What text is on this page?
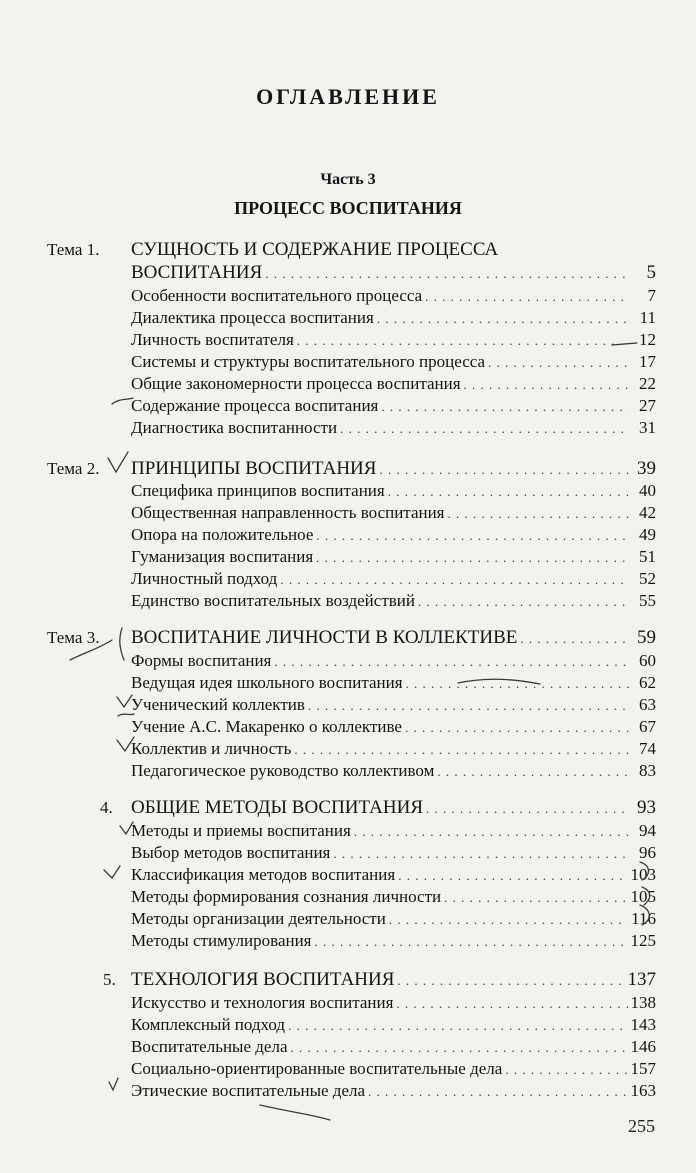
ОГЛАВЛЕНИЕ
Часть 3
ПРОЦЕСС ВОСПИТАНИЯ
Тема 1. СУЩНОСТЬ И СОДЕРЖАНИЕ ПРОЦЕССА
ВОСПИТАНИЯ . . .	5
Особенности воспитательного процесса . . .	7
Диалектика процесса воспитания . . .	11
Личность воспитателя . . .	12
Системы и структуры воспитательного процесса . . .	17
Общие закономерности процесса воспитания . . .	22
Содержание процесса воспитания . . .	27
Диагностика воспитанности . . .	31
Тема 2. ПРИНЦИПЫ ВОСПИТАНИЯ . . .	39
Специфика принципов воспитания . . .	40
Общественная направленность воспитания . . .	42
Опора на положительное . . .	49
Гуманизация воспитания . . .	51
Личностный подход . . .	52
Единство воспитательных воздействий . . .	55
Тема 3. ВОСПИТАНИЕ ЛИЧНОСТИ В КОЛЛЕКТИВЕ . . .	59
Формы воспитания . . .	60
Ведущая идея школьного воспитания . . .	62
Ученический коллектив . . .	63
Учение А.С. Макаренко о коллективе . . .	67
Коллектив и личность . . .	74
Педагогическое руководство коллективом . . .	83
4. ОБЩИЕ МЕТОДЫ ВОСПИТАНИЯ . . .	93
Методы и приемы воспитания . . .	94
Выбор методов воспитания . . .	96
Классификация методов воспитания . . .	103
Методы формирования сознания личности . . .	105
Методы организации деятельности . . .	116
Методы стимулирования . . .	125
5. ТЕХНОЛОГИЯ ВОСПИТАНИЯ . . .	137
Искусство и технология воспитания . . .	138
Комплексный подход . . .	143
Воспитательные дела . . .	146
Социально-ориентированные воспитательные дела . . .	157
Этические воспитательные дела . . .	163
255
